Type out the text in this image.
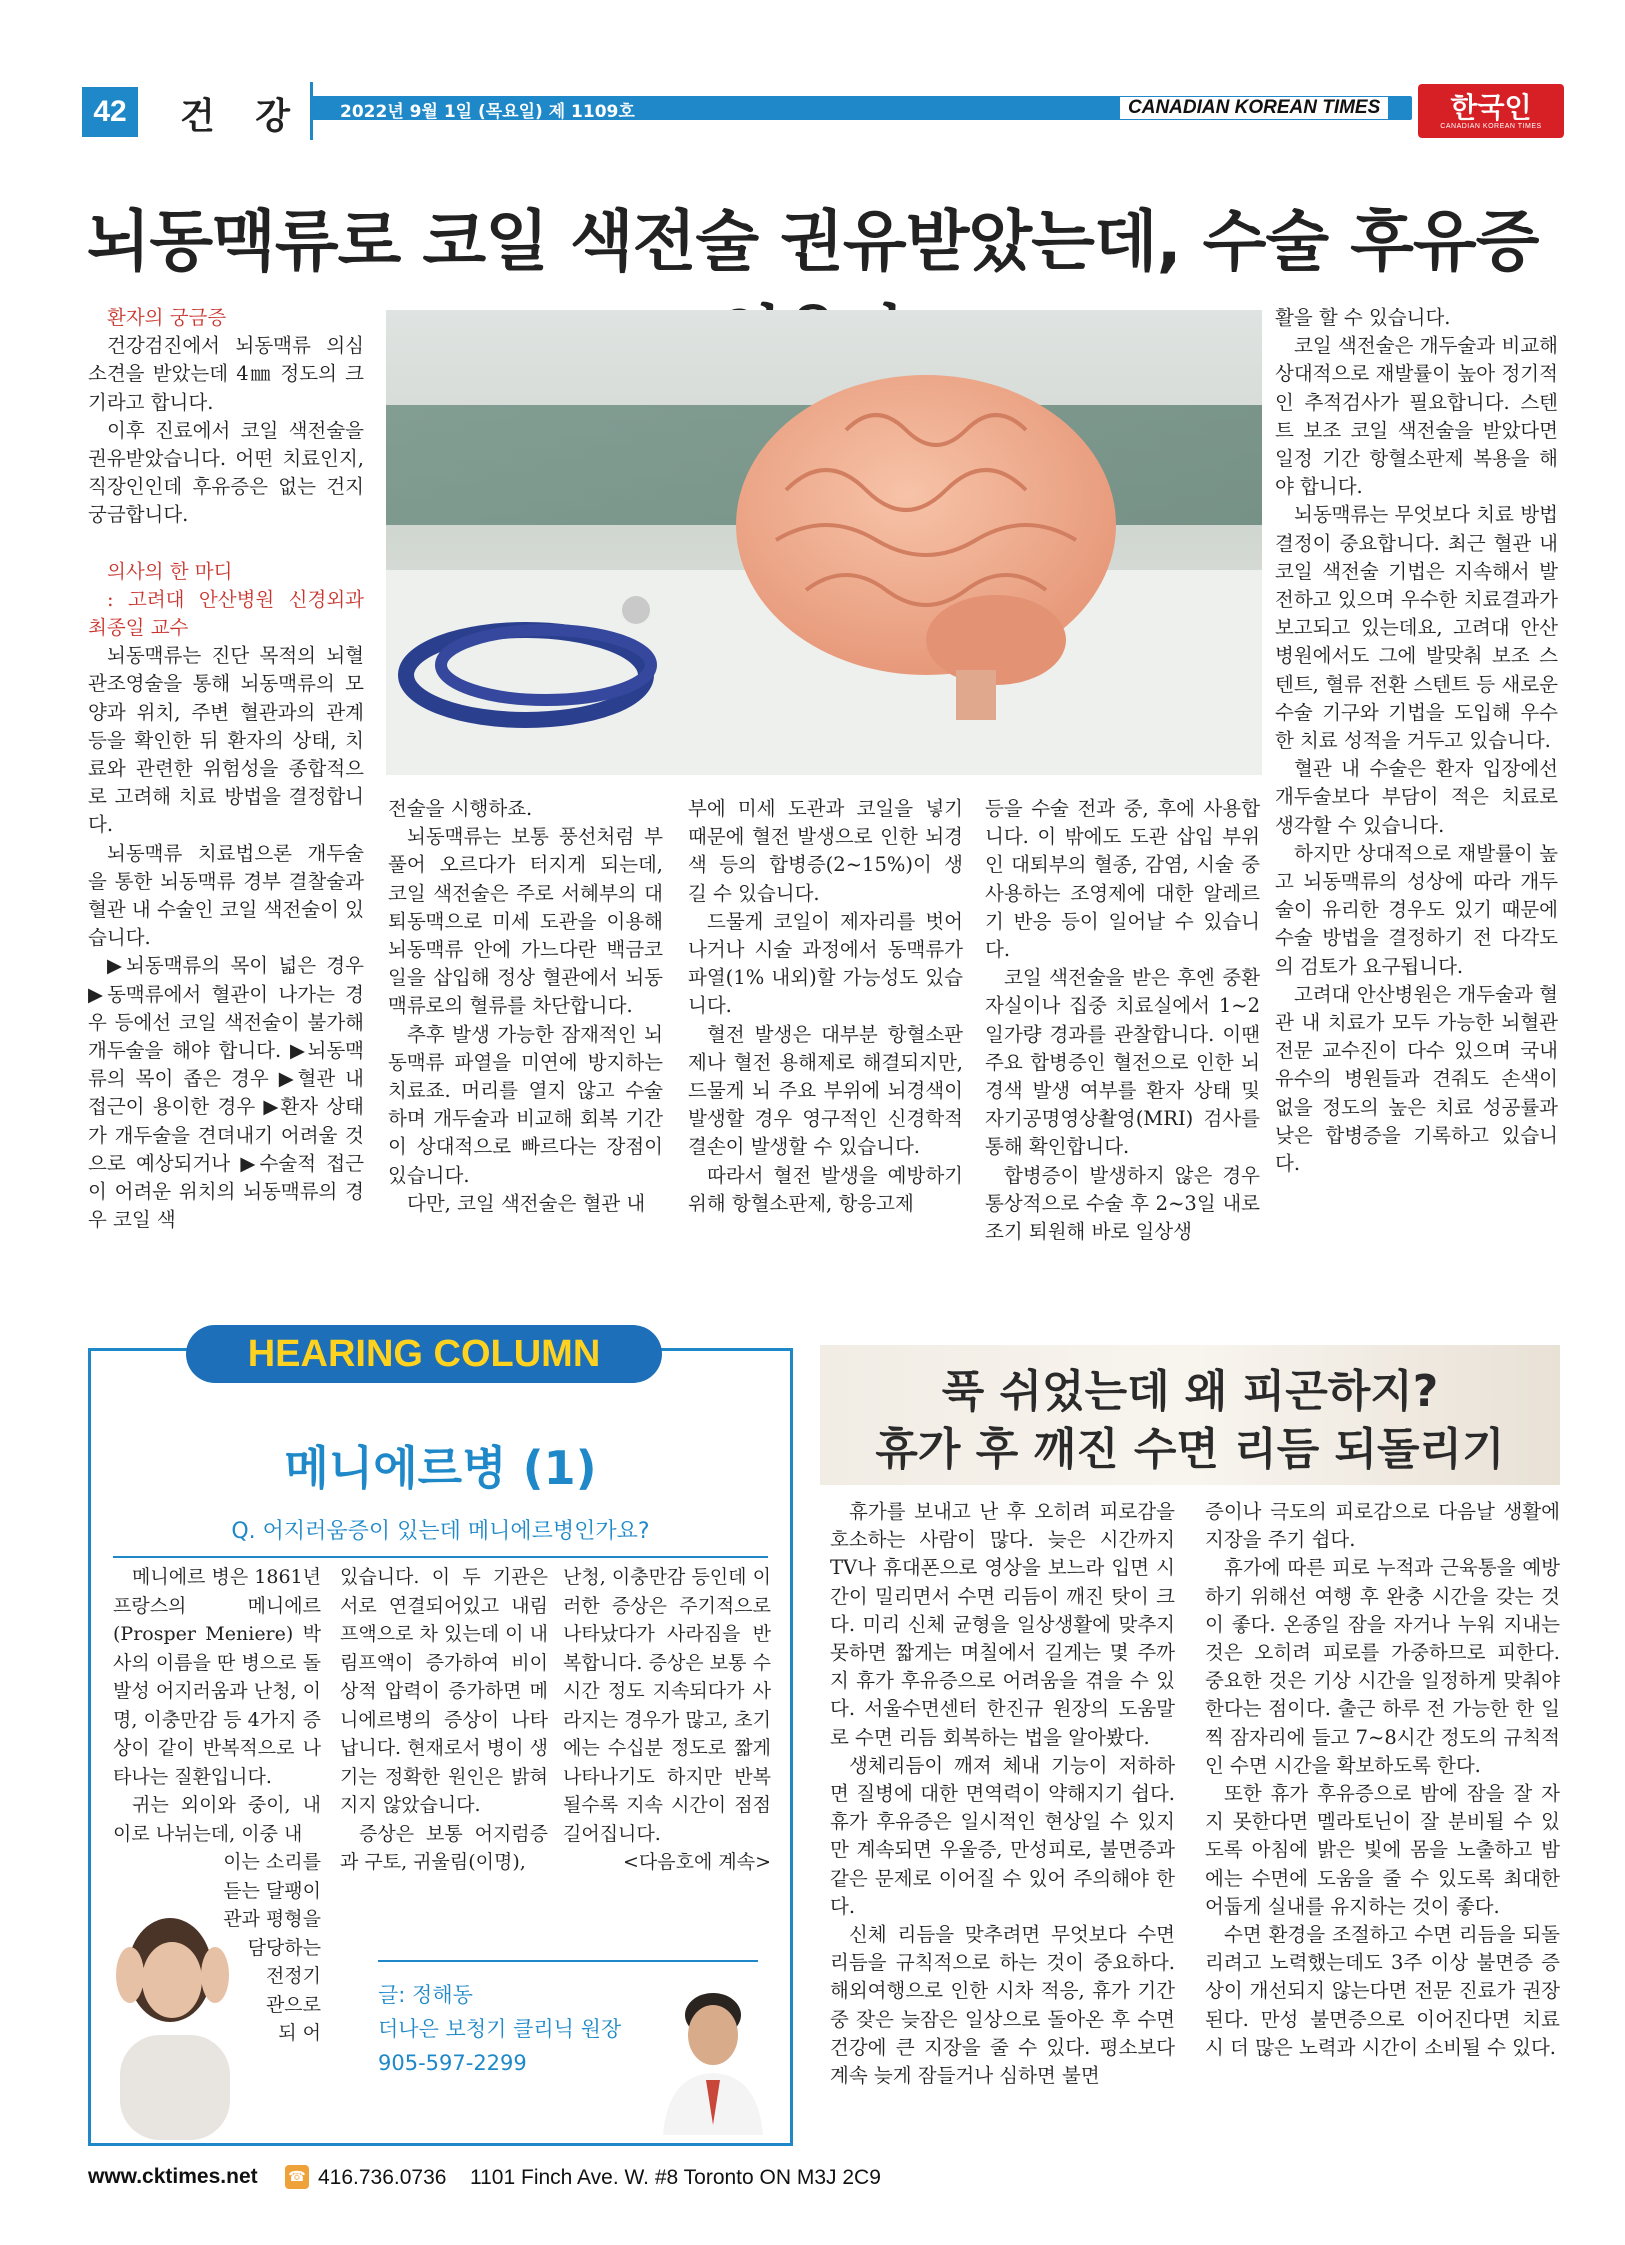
42	건 강 2022년 9월 1일 (목요일) 제 1109호	CANADIAN KOREAN TIMES	한국인
CANADIAN KOREAN TIMES
뇌동맥류로 코일 색전술 권유받았는데, 수술 후유증

환자의 궁금증

건강검진에서 뇌동맥류 의심 소견을 받았는데 4㎜ 정도의 크기라고 합니다.

이후 진료에서 코일 색전술을 권유받았습니다. 어떤 치료인지, 직장인인데 후유증은 없는 건지 궁금합니다.

의사의 한 마디

: 고려대 안산병원 신경외과 최종일 교수

뇌동맥류는 진단 목적의 뇌혈관조영술을 통해 뇌동맥류의 모양과 위치, 주변 혈관과의 관계 등을 확인한 뒤 환자의 상태, 치료와 관련한 위험성을 종합적으로 고려해 치료 방법을 결정합니다.

뇌동맥류 치료법으론 개두술을 통한 뇌동맥류 경부 결찰술과 혈관 내 수술인 코일 색전술이 있습니다.

▶뇌동맥류의 목이 넓은 경우 ▶동맥류에서 혈관이 나가는 경우 등에선 코일 색전술이 불가해 개두술을 해야 합니다. ▶뇌동맥류의 목이 좁은 경우 ▶혈관 내 접근이 용이한 경우 ▶환자 상태가 개두술을 견뎌내기 어려울 것으로 예상되거나 ▶수술적 접근이 어려운 위치의 뇌동맥류의 경우 코일 색

전술을 시행하죠.

뇌동맥류는 보통 풍선처럼 부풀어 오르다가 터지게 되는데, 코일 색전술은 주로 서혜부의 대퇴동맥으로 미세 도관을 이용해 뇌동맥류 안에 가느다란 백금코일을 삽입해 정상 혈관에서 뇌동맥류로의 혈류를 차단합니다.

추후 발생 가능한 잠재적인 뇌동맥류 파열을 미연에 방지하는 치료죠. 머리를 열지 않고 수술하며 개두술과 비교해 회복 기간이 상대적으로 빠르다는 장점이 있습니다.

다만, 코일 색전술은 혈관 내

부에 미세 도관과 코일을 넣기 때문에 혈전 발생으로 인한 뇌경색 등의 합병증(2~15%)이 생길 수 있습니다.

드물게 코일이 제자리를 벗어나거나 시술 과정에서 동맥류가 파열(1% 내외)할 가능성도 있습니다.

혈전 발생은 대부분 항혈소판제나 혈전 용해제로 해결되지만, 드물게 뇌 주요 부위에 뇌경색이 발생할 경우 영구적인 신경학적 결손이 발생할 수 있습니다.

따라서 혈전 발생을 예방하기 위해 항혈소판제, 항응고제

등을 수술 전과 중, 후에 사용합니다. 이 밖에도 도관 삽입 부위인 대퇴부의 혈종, 감염, 시술 중 사용하는 조영제에 대한 알레르기 반응 등이 일어날 수 있습니다.

코일 색전술을 받은 후엔 중환자실이나 집중 치료실에서 1~2일가량 경과를 관찰합니다. 이땐 주요 합병증인 혈전으로 인한 뇌경색 발생 여부를 환자 상태 및 자기공명영상촬영(MRI) 검사를 통해 확인합니다.

합병증이 발생하지 않은 경우 통상적으로 수술 후 2~3일 내로 조기 퇴원해 바로 일상생

활을 할 수 있습니다.

코일 색전술은 개두술과 비교해 상대적으로 재발률이 높아 정기적인 추적검사가 필요합니다. 스텐트 보조 코일 색전술을 받았다면 일정 기간 항혈소판제 복용을 해야 합니다.

뇌동맥류는 무엇보다 치료 방법 결정이 중요합니다. 최근 혈관 내 코일 색전술 기법은 지속해서 발전하고 있으며 우수한 치료결과가 보고되고 있는데요, 고려대 안산병원에서도 그에 발맞춰 보조 스텐트, 혈류 전환 스텐트 등 새로운 수술 기구와 기법을 도입해 우수한 치료 성적을 거두고 있습니다.

혈관 내 수술은 환자 입장에선 개두술보다 부담이 적은 치료로 생각할 수 있습니다.

하지만 상대적으로 재발률이 높고 뇌동맥류의 성상에 따라 개두술이 유리한 경우도 있기 때문에 수술 방법을 결정하기 전 다각도의 검토가 요구됩니다.

고려대 안산병원은 개두술과 혈관 내 치료가 모두 가능한 뇌혈관 전문 교수진이 다수 있으며 국내 유수의 병원들과 견줘도 손색이 없을 정도의 높은 치료 성공률과 낮은 합병증을 기록하고 있습니다.

HEARING COLUMN
메니에르병 (1)
Q. 어지러움증이 있는데 메니에르병인가요?

메니에르 병은 1861년 프랑스의 메니에르(Prosper Meniere) 박사의 이름을 딴 병으로 돌발성 어지러움과 난청, 이명, 이충만감 등 4가지 증상이 같이 반복적으로 나타나는 질환입니다.

귀는 외이와 중이, 내이로 나뉘는데, 이중 내

이는 소리를
듣는 달팽이
관과 평형을
담당하는
전정기
관으로
되 어

있습니다. 이 두 기관은 서로 연결되어있고 내림프액으로 차 있는데 이 내림프액이 증가하여 비이상적 압력이 증가하면 메니에르병의 증상이 나타납니다. 현재로서 병이 생기는 정확한 원인은 밝혀지지 않았습니다.

증상은 보통 어지럼증과 구토, 귀울림(이명),

난청, 이충만감 등인데 이러한 증상은 주기적으로 나타났다가 사라짐을 반복합니다. 증상은 보통 수시간 정도 지속되다가 사라지는 경우가 많고, 초기에는 수십분 정도로 짧게 나타나기도 하지만 반복될수록 지속 시간이 점점 길어집니다.

<다음호에 계속>

글: 정해동
더나은 보청기 클리닉 원장
905-597-2299
푹 쉬었는데 왜 피곤하지?
휴가 후 깨진 수면 리듬 되돌리기

휴가를 보내고 난 후 오히려 피로감을 호소하는 사람이 많다. 늦은 시간까지 TV나 휴대폰으로 영상을 보느라 입면 시간이 밀리면서 수면 리듬이 깨진 탓이 크다. 미리 신체 균형을 일상생활에 맞추지 못하면 짧게는 며칠에서 길게는 몇 주까지 휴가 후유증으로 어려움을 겪을 수 있다. 서울수면센터 한진규 원장의 도움말로 수면 리듬 회복하는 법을 알아봤다.

생체리듬이 깨져 체내 기능이 저하하면 질병에 대한 면역력이 약해지기 쉽다. 휴가 후유증은 일시적인 현상일 수 있지만 계속되면 우울증, 만성피로, 불면증과 같은 문제로 이어질 수 있어 주의해야 한다.

신체 리듬을 맞추려면 무엇보다 수면 리듬을 규칙적으로 하는 것이 중요하다. 해외여행으로 인한 시차 적응, 휴가 기간 중 잦은 늦잠은 일상으로 돌아온 후 수면 건강에 큰 지장을 줄 수 있다. 평소보다 계속 늦게 잠들거나 심하면 불면

증이나 극도의 피로감으로 다음날 생활에 지장을 주기 쉽다.

휴가에 따른 피로 누적과 근육통을 예방하기 위해선 여행 후 완충 시간을 갖는 것이 좋다. 온종일 잠을 자거나 누워 지내는 것은 오히려 피로를 가중하므로 피한다. 중요한 것은 기상 시간을 일정하게 맞춰야 한다는 점이다. 출근 하루 전 가능한 한 일찍 잠자리에 들고 7~8시간 정도의 규칙적인 수면 시간을 확보하도록 한다.

또한 휴가 후유증으로 밤에 잠을 잘 자지 못한다면 멜라토닌이 잘 분비될 수 있도록 아침에 밝은 빛에 몸을 노출하고 밤에는 수면에 도움을 줄 수 있도록 최대한 어둡게 실내를 유지하는 것이 좋다.

수면 환경을 조절하고 수면 리듬을 되돌리려고 노력했는데도 3주 이상 불면증 증상이 개선되지 않는다면 전문 진료가 권장된다. 만성 불면증으로 이어진다면 치료 시 더 많은 노력과 시간이 소비될 수 있다.

www.cktimes.net ☎ 416.736.0736 1101 Finch Ave. W. #8 Toronto ON M3J 2C9
